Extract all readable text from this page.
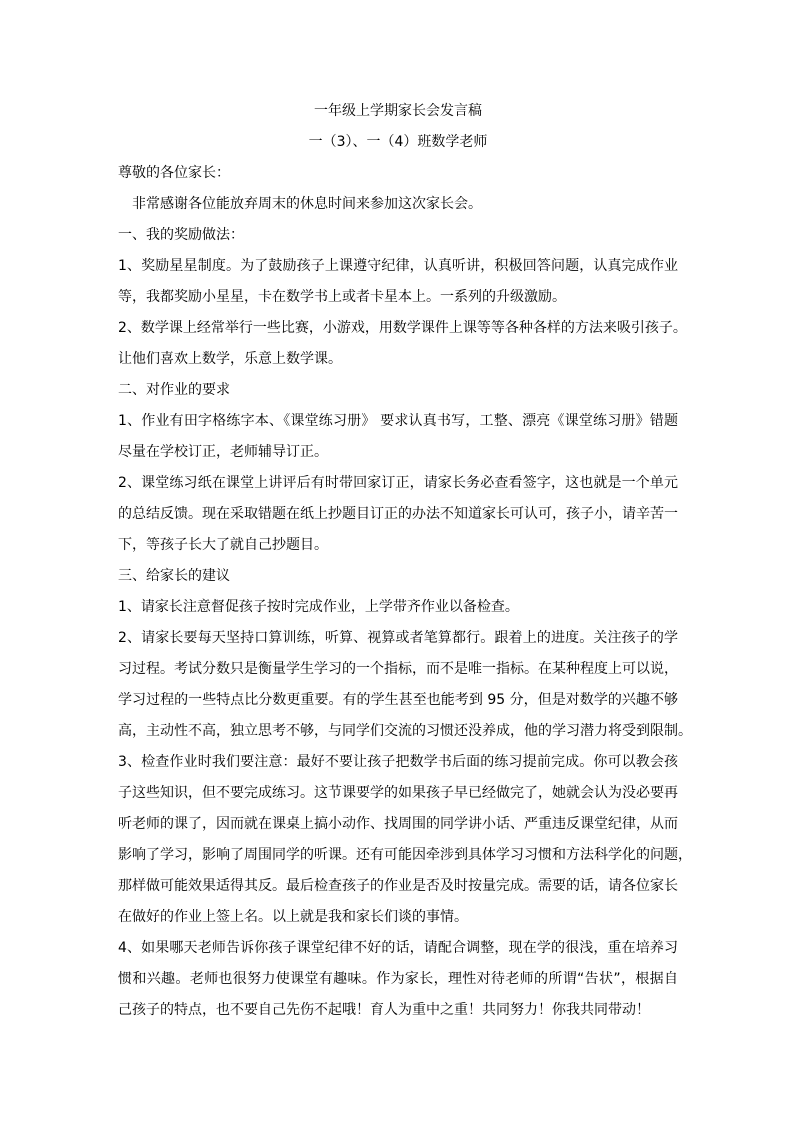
一年级上学期家长会发言稿
一（3）、一（4）班数学老师
尊敬的各位家长：
非常感谢各位能放弃周末的休息时间来参加这次家长会。
一、我的奖励做法：
1、奖励星星制度。为了鼓励孩子上课遵守纪律，认真听讲，积极回答问题，认真完成作业
等，我都奖励小星星，卡在数学书上或者卡星本上。一系列的升级激励。
2、数学课上经常举行一些比赛，小游戏，用数学课件上课等等各种各样的方法来吸引孩子。
让他们喜欢上数学，乐意上数学课。
二、对作业的要求
1、作业有田字格练字本、《课堂练习册》 要求认真书写，工整、漂亮《课堂练习册》错题
尽量在学校订正，老师辅导订正。
2、课堂练习纸在课堂上讲评后有时带回家订正，请家长务必查看签字，这也就是一个单元
的总结反馈。现在采取错题在纸上抄题目订正的办法不知道家长可认可，孩子小，请辛苦一
下，等孩子长大了就自己抄题目。
三、给家长的建议
1、请家长注意督促孩子按时完成作业，上学带齐作业以备检查。
2、请家长要每天坚持口算训练，听算、视算或者笔算都行。跟着上的进度。关注孩子的学
习过程。考试分数只是衡量学生学习的一个指标，而不是唯一指标。在某种程度上可以说，
学习过程的一些特点比分数更重要。有的学生甚至也能考到 95 分，但是对数学的兴趣不够
高，主动性不高，独立思考不够，与同学们交流的习惯还没养成，他的学习潜力将受到限制。
3、检查作业时我们要注意：最好不要让孩子把数学书后面的练习提前完成。你可以教会孩
子这些知识，但不要完成练习。这节课要学的如果孩子早已经做完了，她就会认为没必要再
听老师的课了，因而就在课桌上搞小动作、找周围的同学讲小话、严重违反课堂纪律，从而
影响了学习，影响了周围同学的听课。还有可能因牵涉到具体学习习惯和方法科学化的问题，
那样做可能效果适得其反。最后检查孩子的作业是否及时按量完成。需要的话，请各位家长
在做好的作业上签上名。以上就是我和家长们谈的事情。
4、如果哪天老师告诉你孩子课堂纪律不好的话，请配合调整，现在学的很浅，重在培养习
惯和兴趣。老师也很努力使课堂有趣味。作为家长，理性对待老师的所谓“告状”，根据自
己孩子的特点，也不要自己先伤不起哦！育人为重中之重！共同努力！你我共同带动！
